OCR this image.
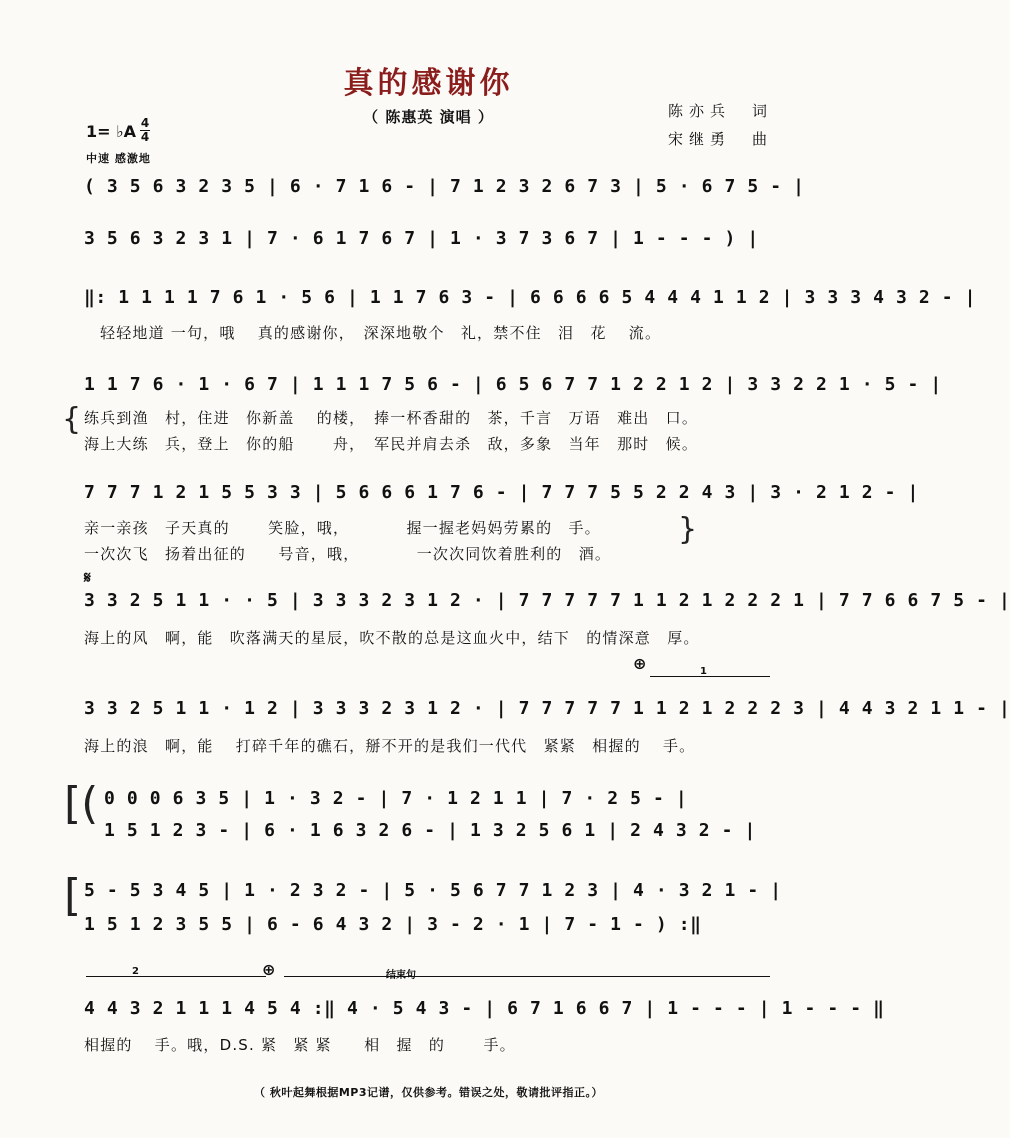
真的感谢你
（ 陈惠英 演唱 ）	陈亦兵　词
宋继勇　曲
1= ♭A 4
4
中速 感激地
( 3 5 6 3 2 3 5 | 6 · 7 1 6 - | 7 1 2 3 2 6 7 3 | 5 · 6 7 5 - |
3 5 6 3 2 3 1 | 7 · 6 1 7 6 7 | 1 · 3 7 3 6 7 | 1 - - - ) |
‖: 1 1 1 1 7 6 1 · 5 6 | 1 1 7 6 3 - | 6 6 6 6 5 4 4 4 1 1 2 | 3 3 3 4 3 2 - |
轻轻地道 一句，哦　 真的感谢你，　深深地敬个　礼，禁不住　泪　花　 流。
1 1 7 6 · 1 · 6 7 | 1 1 1 7 5 6 - | 6 5 6 7 7 1 2 2 1 2 | 3 3 2 2 1 · 5 - |
{ 练兵到渔　村，住进　你新盖　 的楼，　捧一杯香甜的　茶，千言　万语　难出　口。
海上大练　兵，登上　你的船　　 舟，　军民并肩去杀　敌，多象　当年　那时　候。
7 7 7 1 2 1 5 5 3 3 | 5 6 6 6 1 7 6 - | 7 7 7 5 5 2 2 4 3 | 3 · 2 1 2 - |
亲一亲孩　子天真的　　 笑脸，哦，　　　　握一握老妈妈劳累的　手。
一次次飞　扬着出征的　　号音，哦，　　　　一次次同饮着胜利的　酒。
}
𝄋
3 3 2 5 1 1 · · 5 | 3 3 3 2 3 1 2 · | 7 7 7 7 7 1 1 2 1 2 2 2 1 | 7 7 6 6 7 5 - |
海上的风　啊，能　吹落满天的星辰，吹不散的总是这血火中，结下　的情深意　厚。
⊕	1
3 3 2 5 1 1 · 1 2 | 3 3 3 2 3 1 2 · | 7 7 7 7 7 1 1 2 1 2 2 2 3 | 4 4 3 2 1 1 - |
海上的浪　啊，能　 打碎千年的礁石，掰不开的是我们一代代　紧紧　相握的　 手。
[( 0 0 0 6 3 5 | 1 · 3 2 - | 7 · 1 2 1 1 | 7 · 2 5 - |
1 5 1 2 3 - | 6 · 1 6 3 2 6 - | 1 3 2 5 6 1 | 2 4 3 2 - |
[ 5 - 5 3 4 5 | 1 · 2 3 2 - | 5 · 5 6 7 7 1 2 3 | 4 · 3 2 1 - |
1 5 1 2 3 5 5 | 6 - 6 4 3 2 | 3 - 2 · 1 | 7 - 1 - ) :‖
2	⊕	结束句
4 4 3 2 1 1 1 4 5 4 :‖ 4 · 5 4 3 - | 6 7 1 6 6 7 | 1 - - - | 1 - - - ‖
相握的　 手。哦，D.S. 紧　紧 紧　　相　握　的　　 手。
（ 秋叶起舞根据MP3记谱，仅供参考。错误之处，敬请批评指正。）
